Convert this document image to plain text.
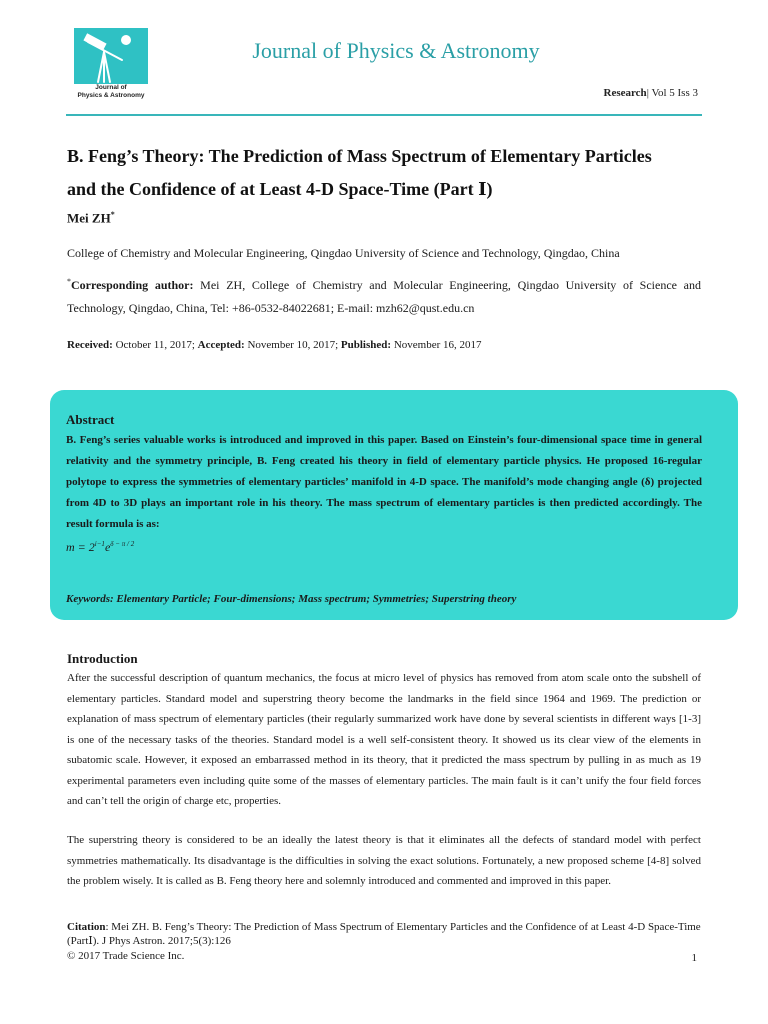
Journal of
Physics & Astronomy
Journal of Physics & Astronomy
Research| Vol 5 Iss 3
B. Feng’s Theory: The Prediction of Mass Spectrum of Elementary Particles
and the Confidence of at Least 4-D Space-Time (Part Ⅰ)
Mei ZH*
College of Chemistry and Molecular Engineering, Qingdao University of Science and Technology, Qingdao, China
*Corresponding author: Mei ZH, College of Chemistry and Molecular Engineering, Qingdao University of Science and Technology, Qingdao, China, Tel: +86-0532-84022681; E-mail: mzh62@qust.edu.cn
Received: October 11, 2017; Accepted: November 10, 2017; Published: November 16, 2017
Abstract
B. Feng’s series valuable works is introduced and improved in this paper. Based on Einstein’s four-dimensional space time in general relativity and the symmetry principle, B. Feng created his theory in field of elementary particle physics. He proposed 16-regular polytope to express the symmetries of elementary particles’ manifold in 4-D space. The manifold’s mode changing angle (δ) projected from 4D to 3D plays an important role in his theory. The mass spectrum of elementary particles is then predicted accordingly. The result formula is as:
$m = 2^{i-1}e^{\delta - \pi / 2}$
Keywords: Elementary Particle; Four-dimensions; Mass spectrum; Symmetries; Superstring theory
Introduction
After the successful description of quantum mechanics, the focus at micro level of physics has removed from atom scale onto the subshell of elementary particles. Standard model and superstring theory become the landmarks in the field since 1964 and 1969. The prediction or explanation of mass spectrum of elementary particles (their regularly summarized work have done by several scientists in different ways [1-3] is one of the necessary tasks of the theories. Standard model is a well self-consistent theory. It showed us its clear view of the elements in subatomic scale. However, it exposed an embarrassed method in its theory, that it predicted the mass spectrum by pulling in as much as 19 experimental parameters even including quite some of the masses of elementary particles. The main fault is it can’t unify the four field forces and can’t tell the origin of charge etc, properties.
The superstring theory is considered to be an ideally the latest theory is that it eliminates all the defects of standard model with perfect symmetries mathematically. Its disadvantage is the difficulties in solving the exact solutions. Fortunately, a new proposed scheme [4-8] solved the problem wisely. It is called as B. Feng theory here and solemnly introduced and commented and improved in this paper.
Citation: Mei ZH. B. Feng’s Theory: The Prediction of Mass Spectrum of Elementary Particles and the Confidence of at Least 4-D Space-Time (PartⅠ). J Phys Astron. 2017;5(3):126
© 2017 Trade Science Inc.	1
